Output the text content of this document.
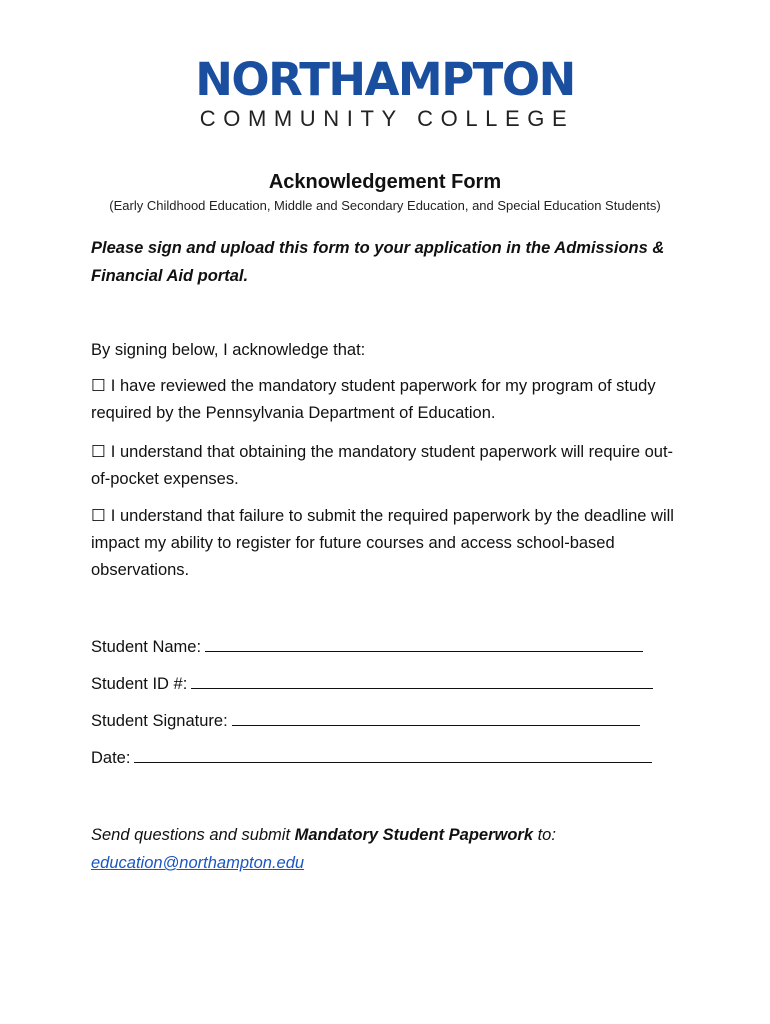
NORTHAMPTON
COMMUNITY COLLEGE
Acknowledgement Form
(Early Childhood Education, Middle and Secondary Education, and Special Education Students)
Please sign and upload this form to your application in the Admissions & Financial Aid portal.
By signing below, I acknowledge that:
☐ I have reviewed the mandatory student paperwork for my program of study required by the Pennsylvania Department of Education.
☐ I understand that obtaining the mandatory student paperwork will require out-of-pocket expenses.
☐ I understand that failure to submit the required paperwork by the deadline will impact my ability to register for future courses and access school-based observations.
Student Name:
Student ID #:
Student Signature:
Date:
Send questions and submit Mandatory Student Paperwork to:
education@northampton.edu
